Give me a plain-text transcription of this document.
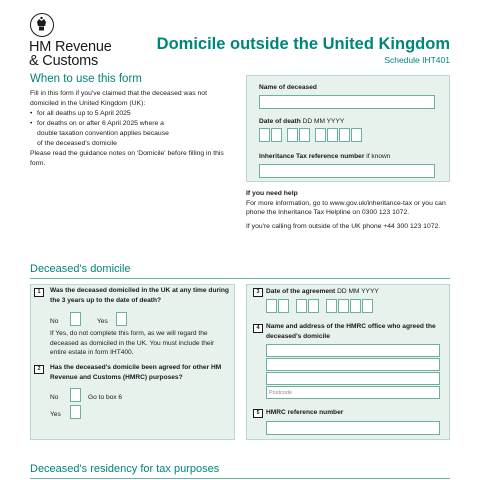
HM Revenue
& Customs
Domicile outside the United Kingdom
Schedule IHT401
When to use this form

Fill in this form if you've claimed that the deceased was not domiciled in the United Kingdom (UK):

• for all deaths up to 5 April 2025
• for deaths on or after 6 April 2025 where a double taxation convention applies because of the deceased's domicile

Please read the guidance notes on 'Domicile' before filling in this form.

Name of deceased
Date of death DD MM YYYY
Inheritance Tax reference number if known
If you need help
For more information, go to www.gov.uk/inheritance-tax or you can phone the Inheritance Tax Helpline on 0300 123 1072.
If you're calling from outside of the UK phone +44 300 123 1072.
Deceased's domicile
1	Was the deceased domiciled in the UK at any time during the 3 years up to the date of death?
No	Yes
If Yes, do not complete this form, as we will regard the deceased as domiciled in the UK. You must include their entire estate in form IHT400.
2	Has the deceased's domicile been agreed for other HM Revenue and Customs (HMRC) purposes?
No	Go to box 6
Yes
3 Date of the agreement DD MM YYYY
4 Name and address of the HMRC office who agreed the deceased's domicile
Postcode
5 HMRC reference number
Deceased's residency for tax purposes
